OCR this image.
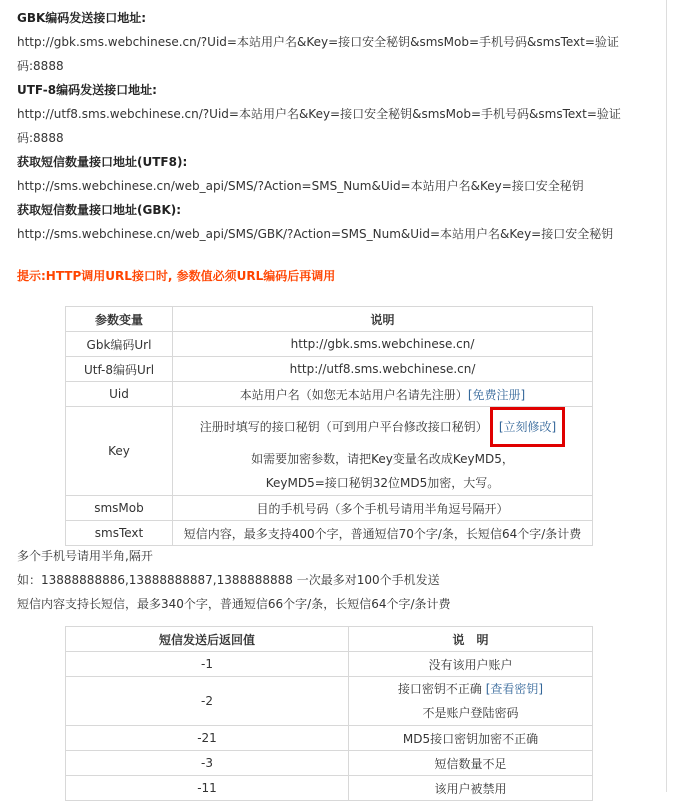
GBK编码发送接口地址:
http://gbk.sms.webchinese.cn/?Uid=本站用户名&Key=接口安全秘钥&smsMob=手机号码&smsText=验证
码:8888
UTF-8编码发送接口地址:
http://utf8.sms.webchinese.cn/?Uid=本站用户名&Key=接口安全秘钥&smsMob=手机号码&smsText=验证
码:8888
获取短信数量接口地址(UTF8):
http://sms.webchinese.cn/web_api/SMS/?Action=SMS_Num&Uid=本站用户名&Key=接口安全秘钥
获取短信数量接口地址(GBK):
http://sms.webchinese.cn/web_api/SMS/GBK/?Action=SMS_Num&Uid=本站用户名&Key=接口安全秘钥
提示:HTTP调用URL接口时, 参数值必须URL编码后再调用
参数变量	说明
Gbk编码Url	http://gbk.sms.webchinese.cn/
Utf-8编码Url	http://utf8.sms.webchinese.cn/
Uid	本站用户名（如您无本站用户名请先注册）[免费注册]
Key	注册时填写的接口秘钥（可到用户平台修改接口秘钥） [立刻修改]
如需要加密参数，请把Key变量名改成KeyMD5，
KeyMD5=接口秘钥32位MD5加密，大写。

smsMob	目的手机号码（多个手机号请用半角逗号隔开）
smsText	短信内容，最多支持400个字，普通短信70个字/条，长短信64个字/条计费
多个手机号请用半角,隔开
如：13888888886,13888888887,1388888888 一次最多对100个手机发送
短信内容支持长短信，最多340个字，普通短信66个字/条，长短信64个字/条计费
短信发送后返回值	说　明
-1	没有该用户账户
-2	接口密钥不正确 [查看密钥]
不是账户登陆密码

-21	MD5接口密钥加密不正确
-3	短信数量不足
-11	该用户被禁用
